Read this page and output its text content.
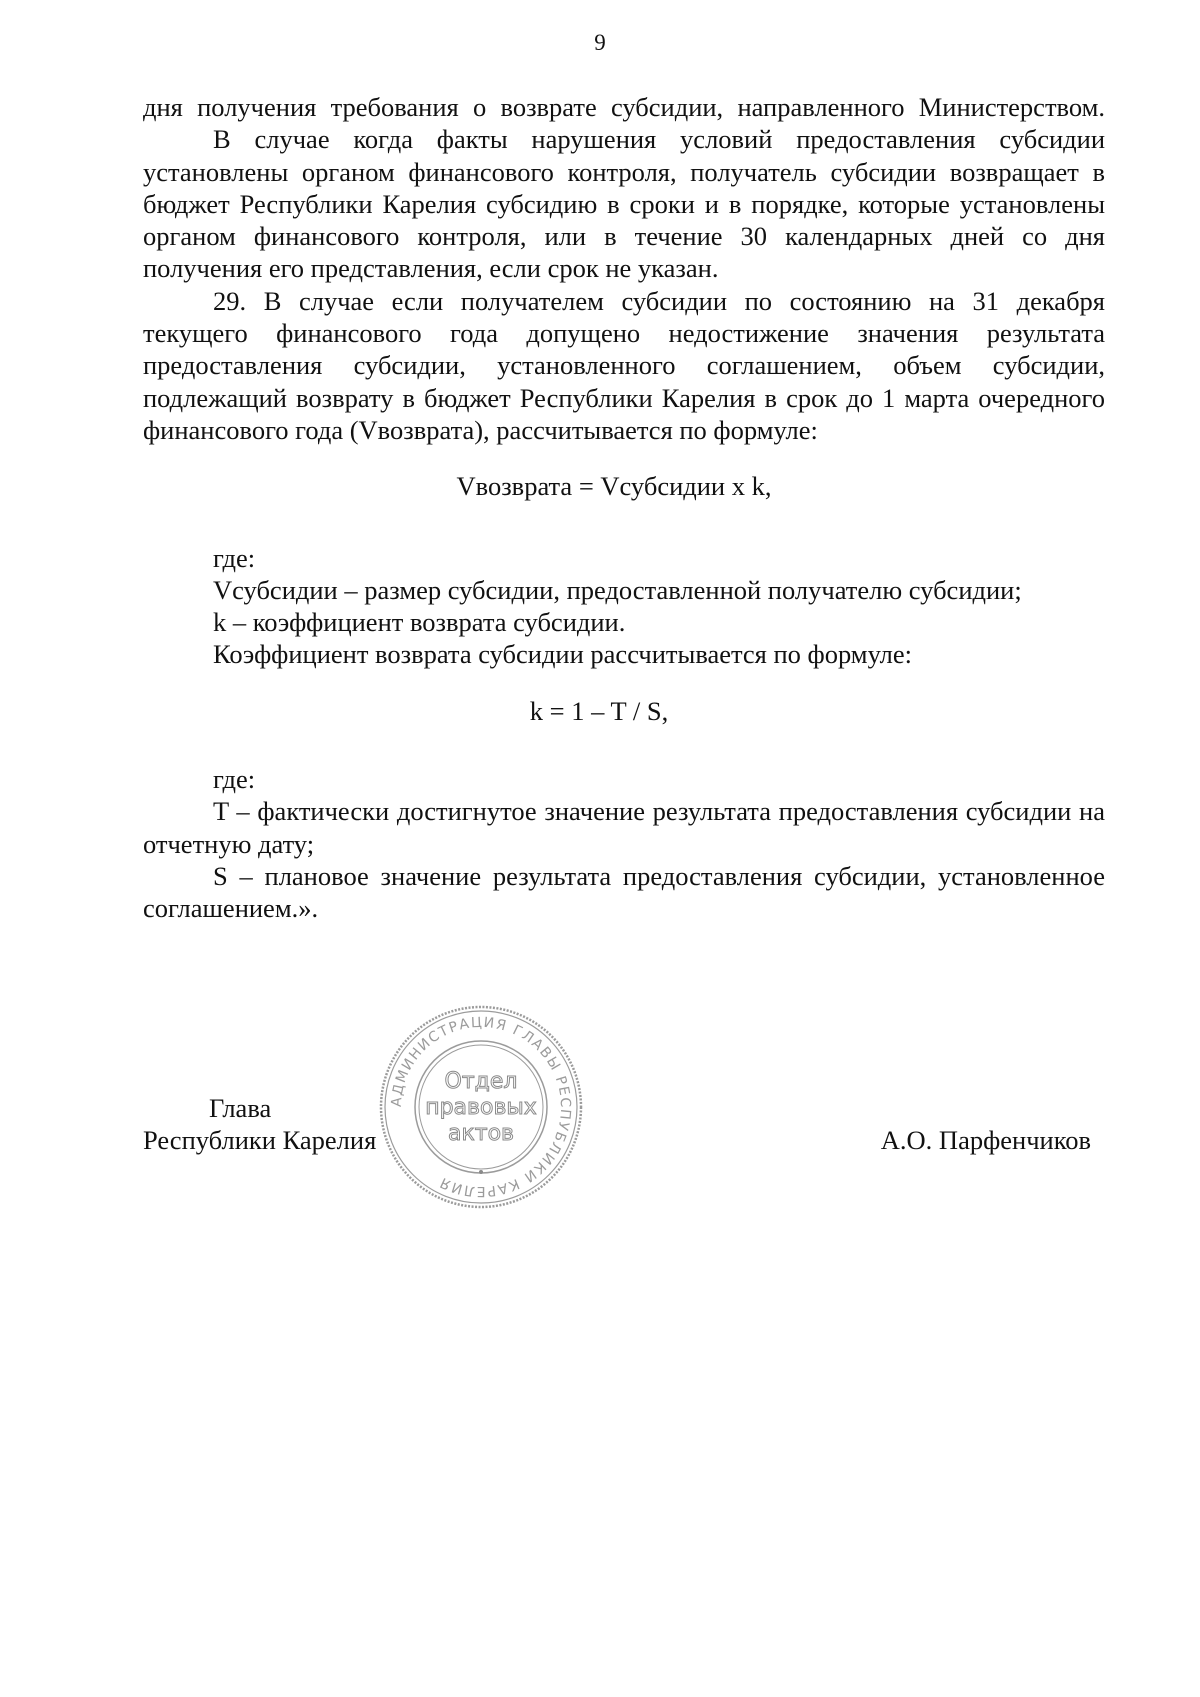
9

дня получения требования о возврате субсидии, направленного Министерством.

В случае когда факты нарушения условий предоставления субсидии установлены органом финансового контроля, получатель субсидии возвращает в бюджет Республики Карелия субсидию в сроки и в порядке, которые установлены органом финансового контроля, или в течение 30 календарных дней со дня получения его представления, если срок не указан.

29. В случае если получателем субсидии по состоянию на 31 декабря текущего финансового года допущено недостижение значения результата предоставления субсидии, установленного соглашением, объем субсидии, подлежащий возврату в бюджет Республики Карелия в срок до 1 марта очередного финансового года (Vвозврата), рассчитывается по формуле:

Vвозврата = Vсубсидии x k,

где:

Vсубсидии – размер субсидии, предоставленной получателю субсидии;

k – коэффициент возврата субсидии.

Коэффициент возврата субсидии рассчитывается по формуле:

k = 1 – T / S,

где:

T – фактически достигнутое значение результата предоставления субсидии на отчетную дату;

S – плановое значение результата предоставления субсидии, установленное соглашением.».

Глава
Республики Карелия	А.О. Парфенчиков
АДМИНИСТРАЦИЯ ГЛАВЫ РЕСПУБЛИКИ КАРЕЛИЯ
Отдел
правовых
актов
